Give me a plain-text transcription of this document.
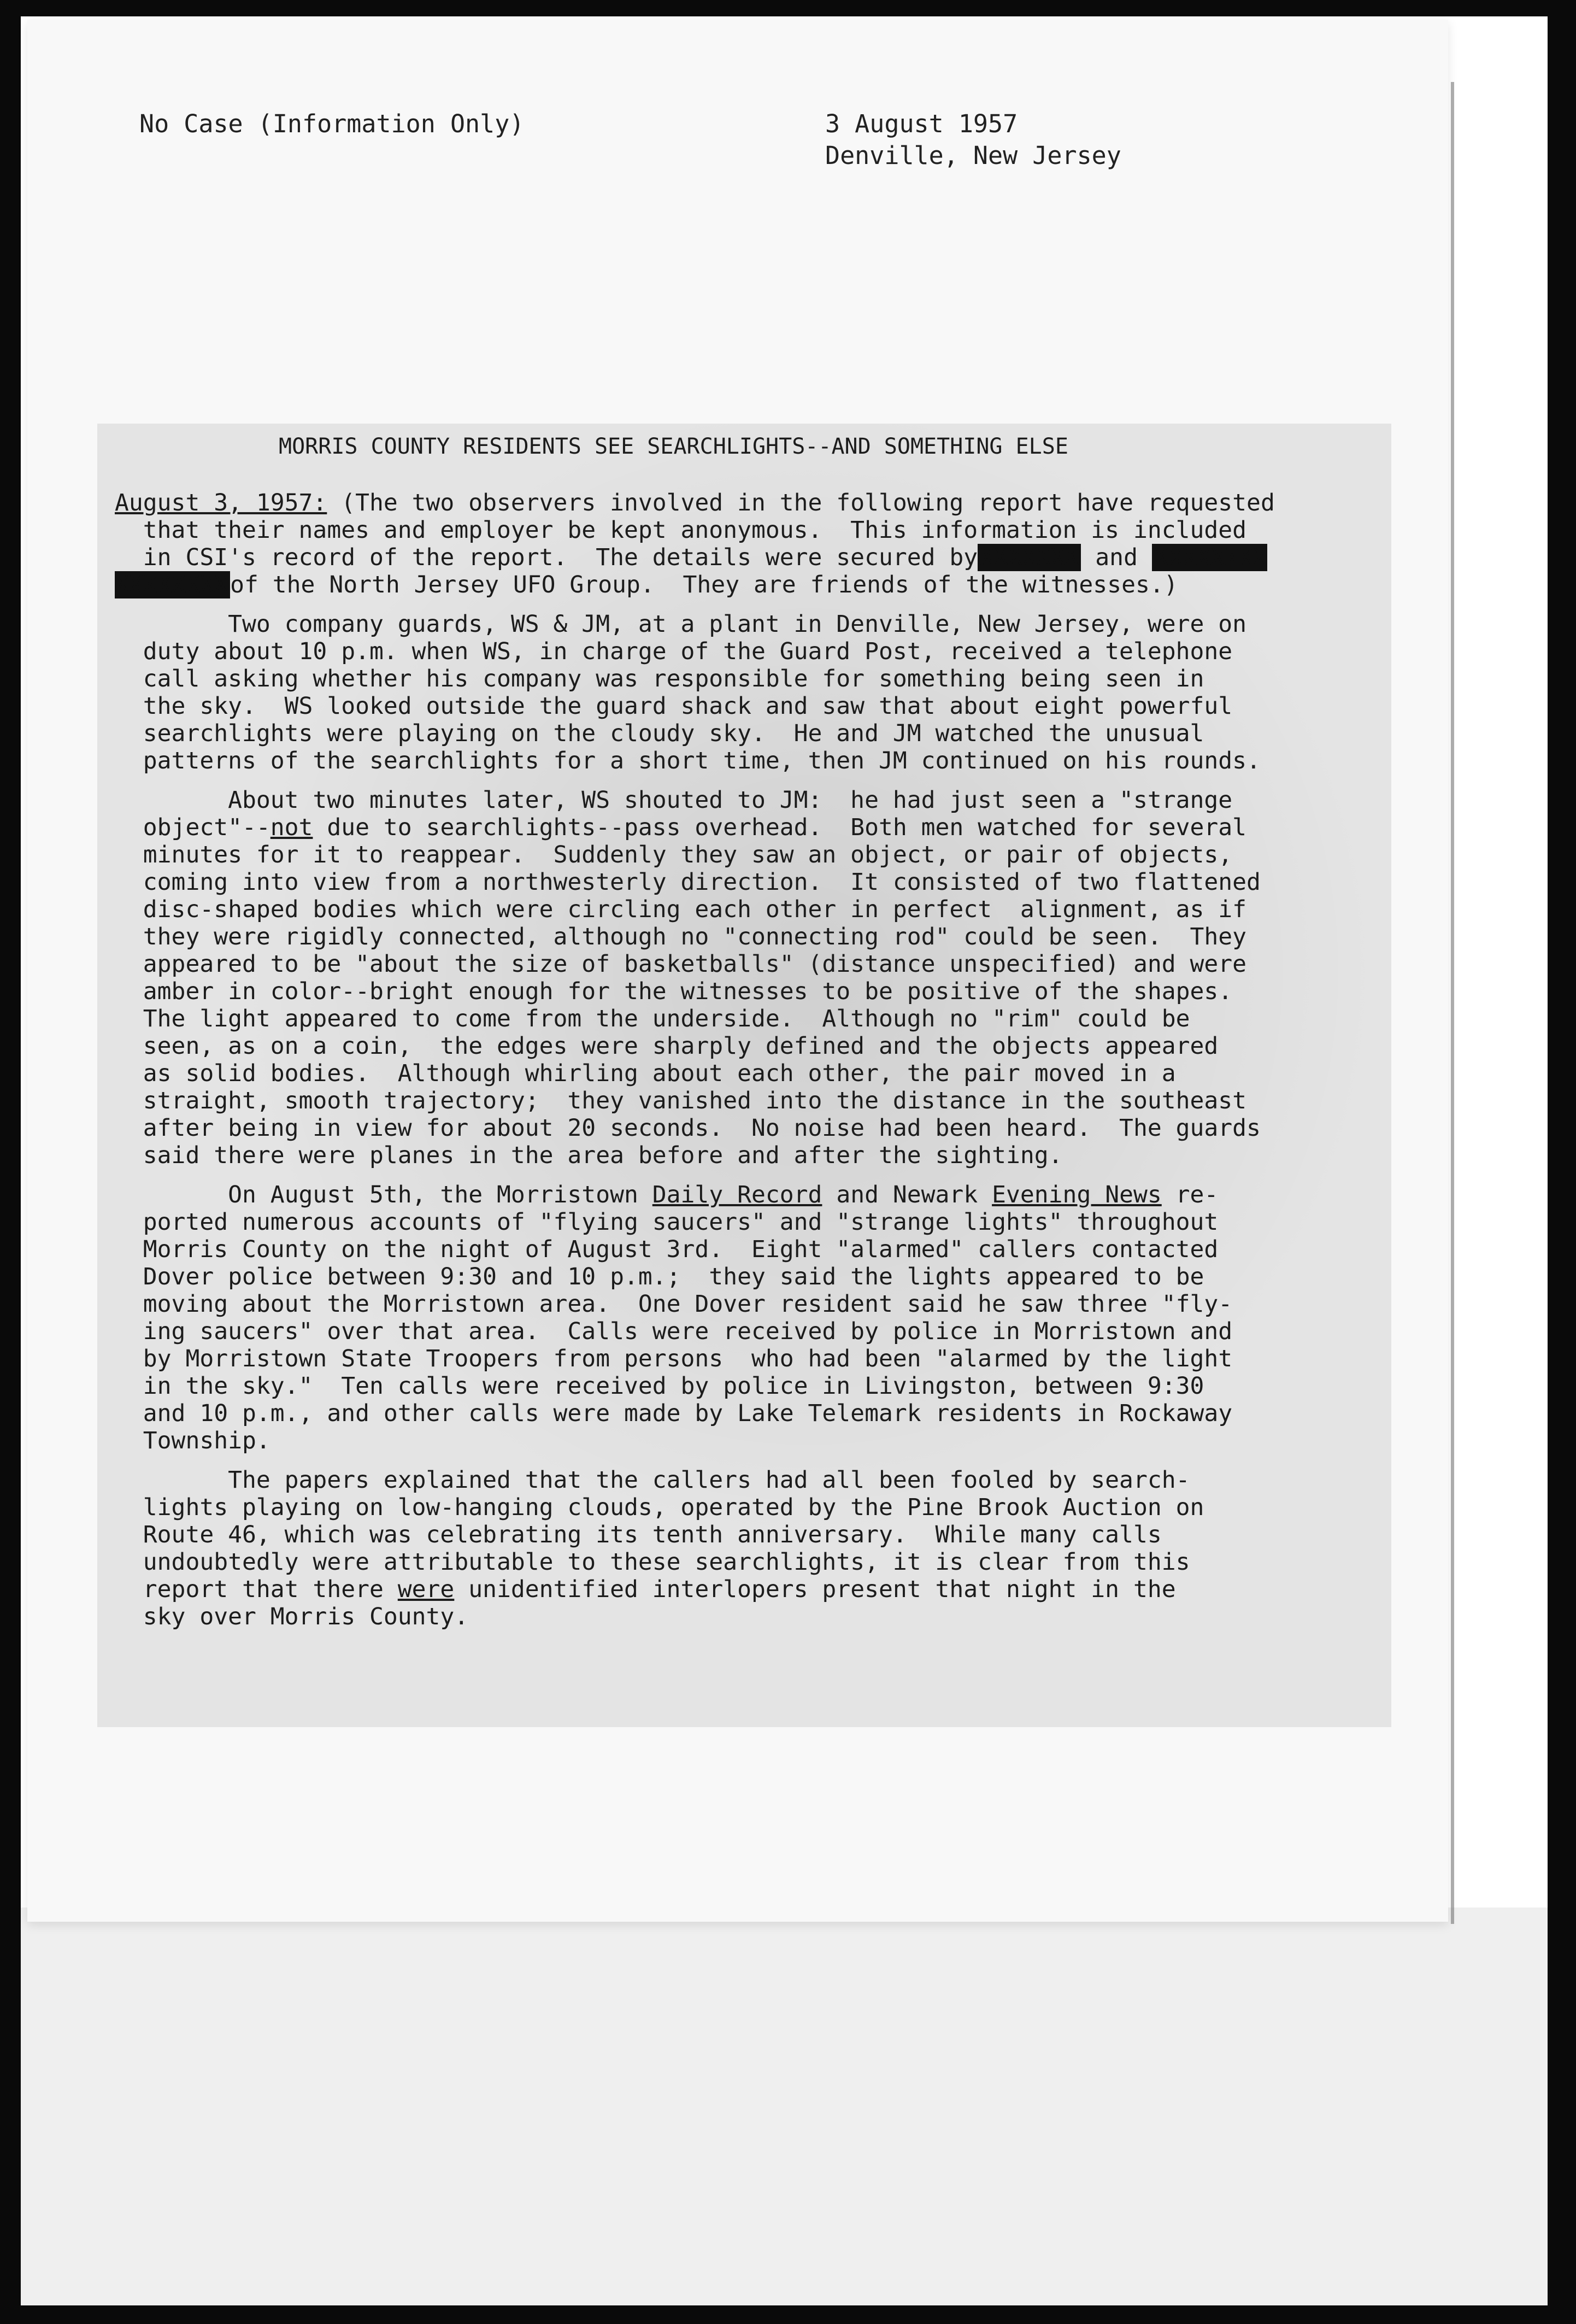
No Case (Information Only)	3 August 1957
Denville, New Jersey
MORRIS COUNTY RESIDENTS SEE SEARCHLIGHTS--AND SOMETHING ELSE

August 3, 1957: (The two observers involved in the following report have requested
that their names and employer be kept anonymous.  This information is included
in CSI's record of the report.  The details were secured byXXXXXXX and XXXXXXXX
XXXXXXXXof the North Jersey UFO Group.  They are friends of the witnesses.)

Two company guards, WS & JM, at a plant in Denville, New Jersey, were on
duty about 10 p.m. when WS, in charge of the Guard Post, received a telephone
call asking whether his company was responsible for something being seen in
the sky.  WS looked outside the guard shack and saw that about eight powerful
searchlights were playing on the cloudy sky.  He and JM watched the unusual
patterns of the searchlights for a short time, then JM continued on his rounds.

About two minutes later, WS shouted to JM:  he had just seen a "strange
object"--not due to searchlights--pass overhead.  Both men watched for several
minutes for it to reappear.  Suddenly they saw an object, or pair of objects,
coming into view from a northwesterly direction.  It consisted of two flattened
disc-shaped bodies which were circling each other in perfect  alignment, as if
they were rigidly connected, although no "connecting rod" could be seen.  They
appeared to be "about the size of basketballs" (distance unspecified) and were
amber in color--bright enough for the witnesses to be positive of the shapes.
The light appeared to come from the underside.  Although no "rim" could be
seen, as on a coin,  the edges were sharply defined and the objects appeared
as solid bodies.  Although whirling about each other, the pair moved in a
straight, smooth trajectory;  they vanished into the distance in the southeast
after being in view for about 20 seconds.  No noise had been heard.  The guards
said there were planes in the area before and after the sighting.

On August 5th, the Morristown Daily Record and Newark Evening News re-
ported numerous accounts of "flying saucers" and "strange lights" throughout
Morris County on the night of August 3rd.  Eight "alarmed" callers contacted
Dover police between 9:30 and 10 p.m.;  they said the lights appeared to be
moving about the Morristown area.  One Dover resident said he saw three "fly-
ing saucers" over that area.  Calls were received by police in Morristown and
by Morristown State Troopers from persons  who had been "alarmed by the light
in the sky."  Ten calls were received by police in Livingston, between 9:30
and 10 p.m., and other calls were made by Lake Telemark residents in Rockaway
Township.

The papers explained that the callers had all been fooled by search-
lights playing on low-hanging clouds, operated by the Pine Brook Auction on
Route 46, which was celebrating its tenth anniversary.  While many calls
undoubtedly were attributable to these searchlights, it is clear from this
report that there were unidentified interlopers present that night in the
sky over Morris County.
